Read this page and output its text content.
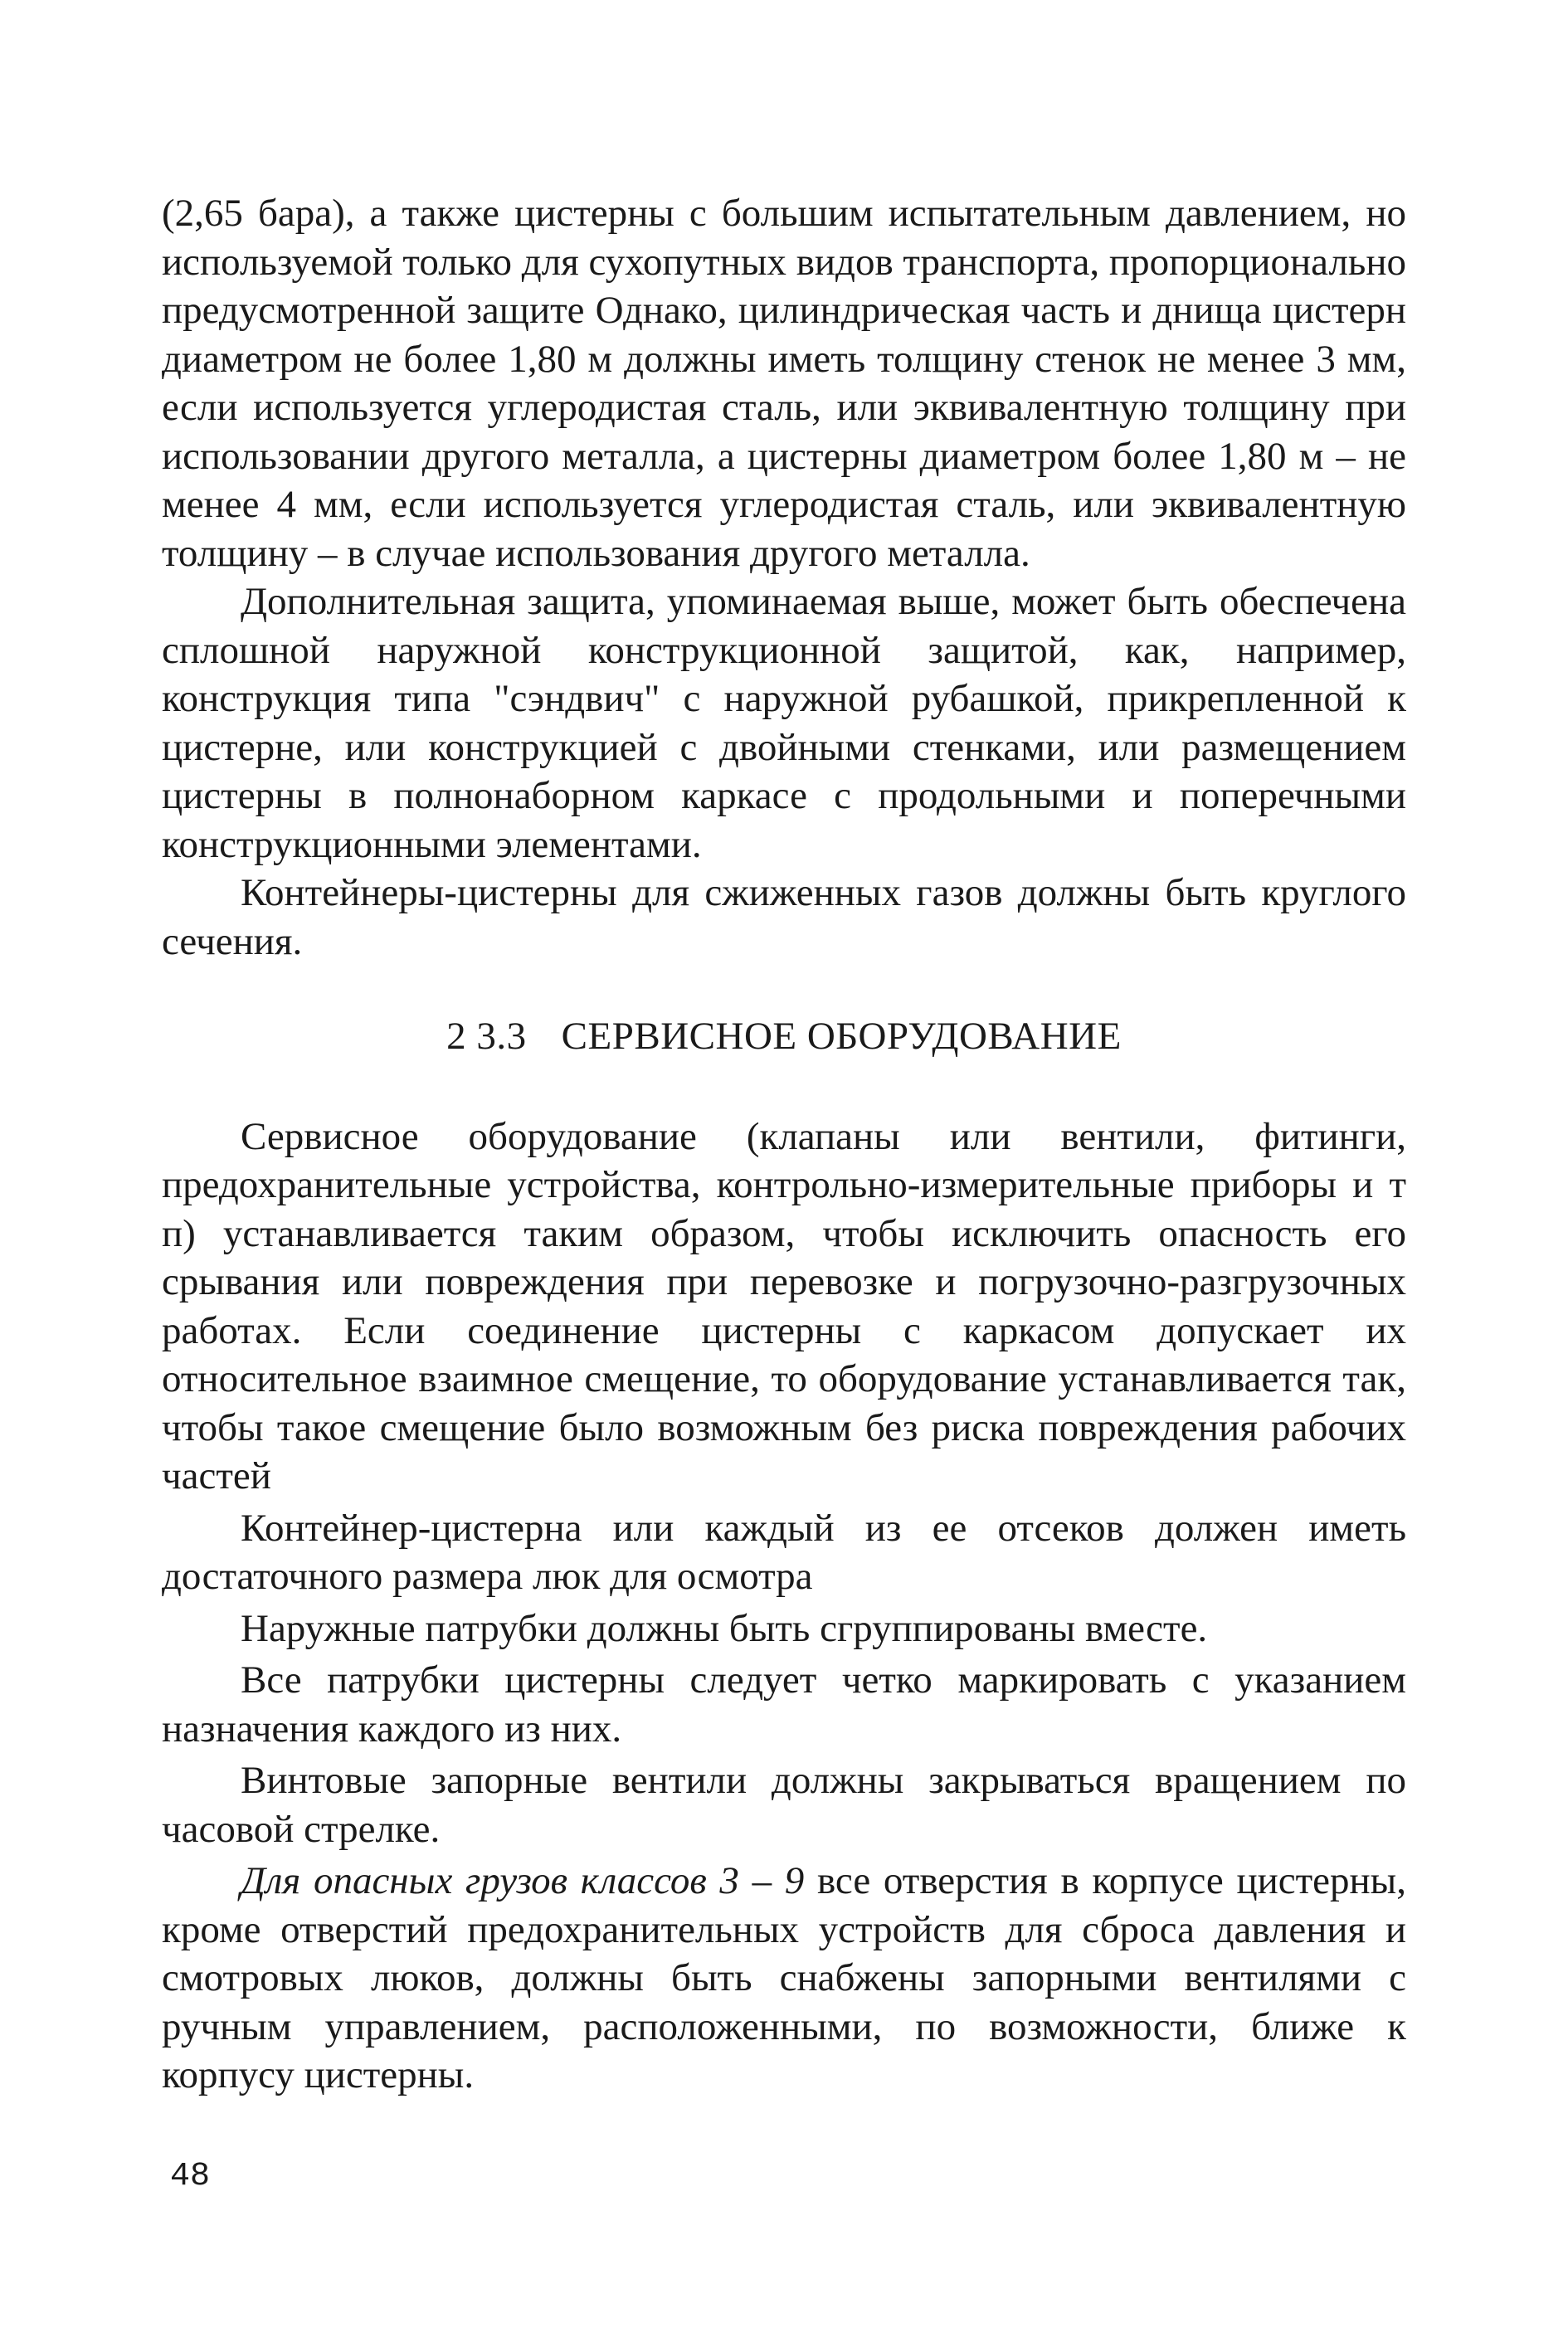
(2,65 бара), а также цистерны с большим испытательным давлением, но используемой только для сухопутных видов транспорта, пропорционально предусмотренной защите Однако, цилиндрическая часть и днища цистерн диаметром не более 1,80 м должны иметь толщину стенок не менее 3 мм, если используется углеродистая сталь, или эквивалентную толщину при использовании другого металла, а цистерны диаметром более 1,80 м – не менее 4 мм, если используется углеродистая сталь, или эквивалентную толщину – в случае использования другого металла.

Дополнительная защита, упоминаемая выше, может быть обеспечена сплошной наружной конструкционной защитой, как, например, конструкция типа "сэндвич" с наружной рубашкой, прикрепленной к цистерне, или конструкцией с двойными стенками, или размещением цистерны в полнонаборном каркасе с продольными и поперечными конструкционными элементами.

Контейнеры-цистерны для сжиженных газов должны быть круглого сечения.

2 3.3 СЕРВИСНОЕ ОБОРУДОВАНИЕ

Сервисное оборудование (клапаны или вентили, фитинги, предохранительные устройства, контрольно-измерительные приборы и т п) устанавливается таким образом, чтобы исключить опасность его срывания или повреждения при перевозке и погрузочно-разгрузочных работах. Если соединение цистерны с каркасом допускает их относительное взаимное смещение, то оборудование устанавливается так, чтобы такое смещение было возможным без риска повреждения рабочих частей

Контейнер-цистерна или каждый из ее отсеков должен иметь достаточного размера люк для осмотра

Наружные патрубки должны быть сгруппированы вместе.

Все патрубки цистерны следует четко маркировать с указанием назначения каждого из них.

Винтовые запорные вентили должны закрываться вращением по часовой стрелке.

Для опасных грузов классов 3 – 9 все отверстия в корпусе цистерны, кроме отверстий предохранительных устройств для сброса давления и смотровых люков, должны быть снабжены запорными вентилями с ручным управлением, расположенными, по возможности, ближе к корпусу цистерны.

48
